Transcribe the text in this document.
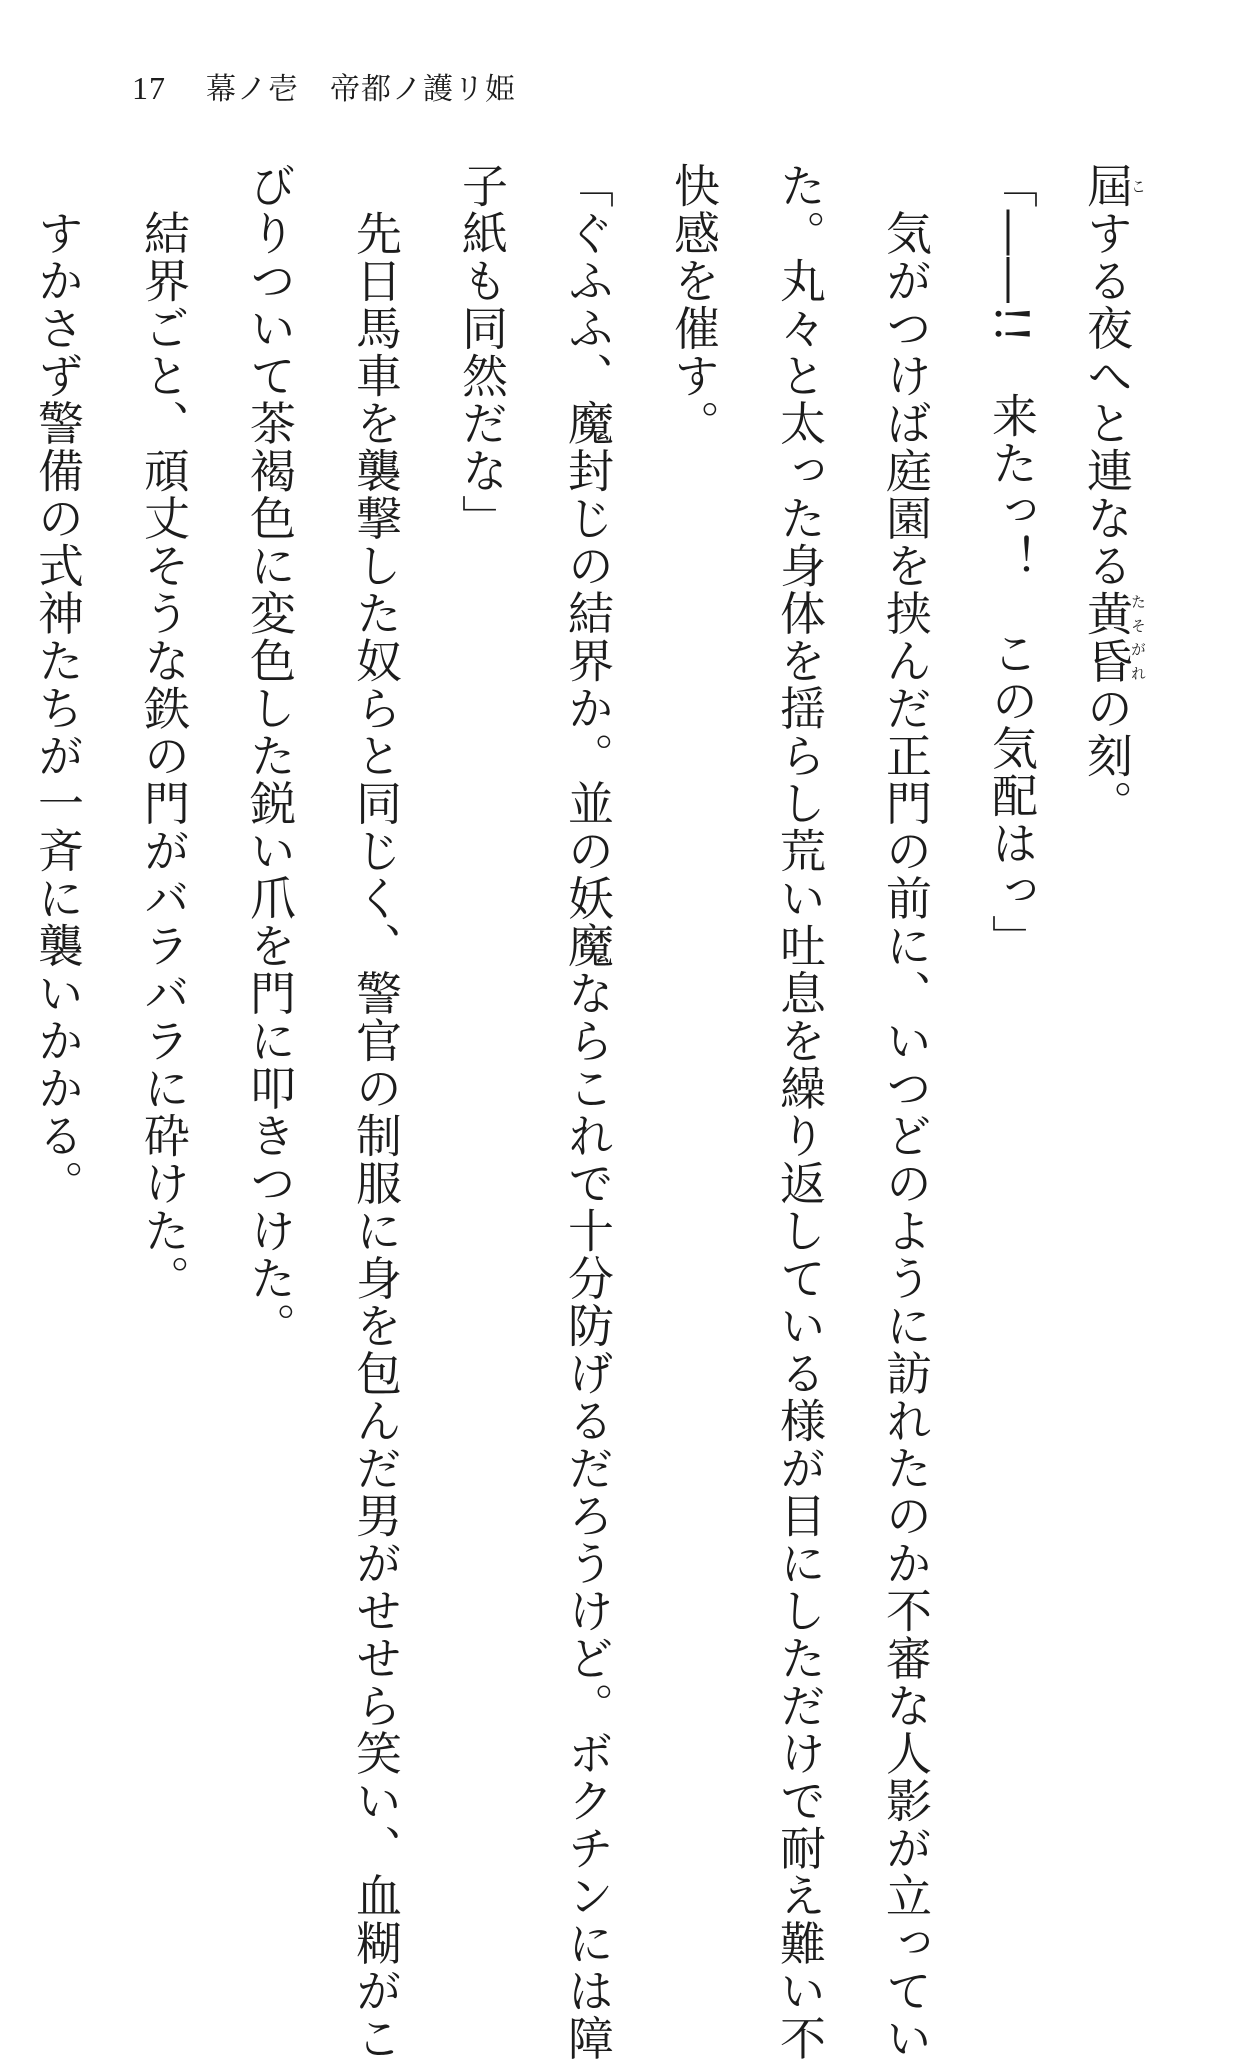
17 幕ノ壱　帝都ノ護リ姫
屆こする夜へと連なる黄昏たそがれの刻。
「――!!　来たっ！　この気配はっ」
　気がつけば庭園を挟んだ正門の前に、いつどのように訪れたのか不審な人影が立ってい
た。丸々と太った身体を揺らし荒い吐息を繰り返している様が目にしただけで耐え難い不
快感を催す。
「ぐふふ、魔封じの結界か。並の妖魔ならこれで十分防げるだろうけど。ボクチンには障
子紙も同然だな」
　先日馬車を襲撃した奴らと同じく、警官の制服に身を包んだ男がせせら笑い、血糊がこ
びりついて茶褐色に変色した鋭い爪を門に叩きつけた。
　結界ごと、頑丈そうな鉄の門がバラバラに砕けた。
　すかさず警備の式神たちが一斉に襲いかかる。
